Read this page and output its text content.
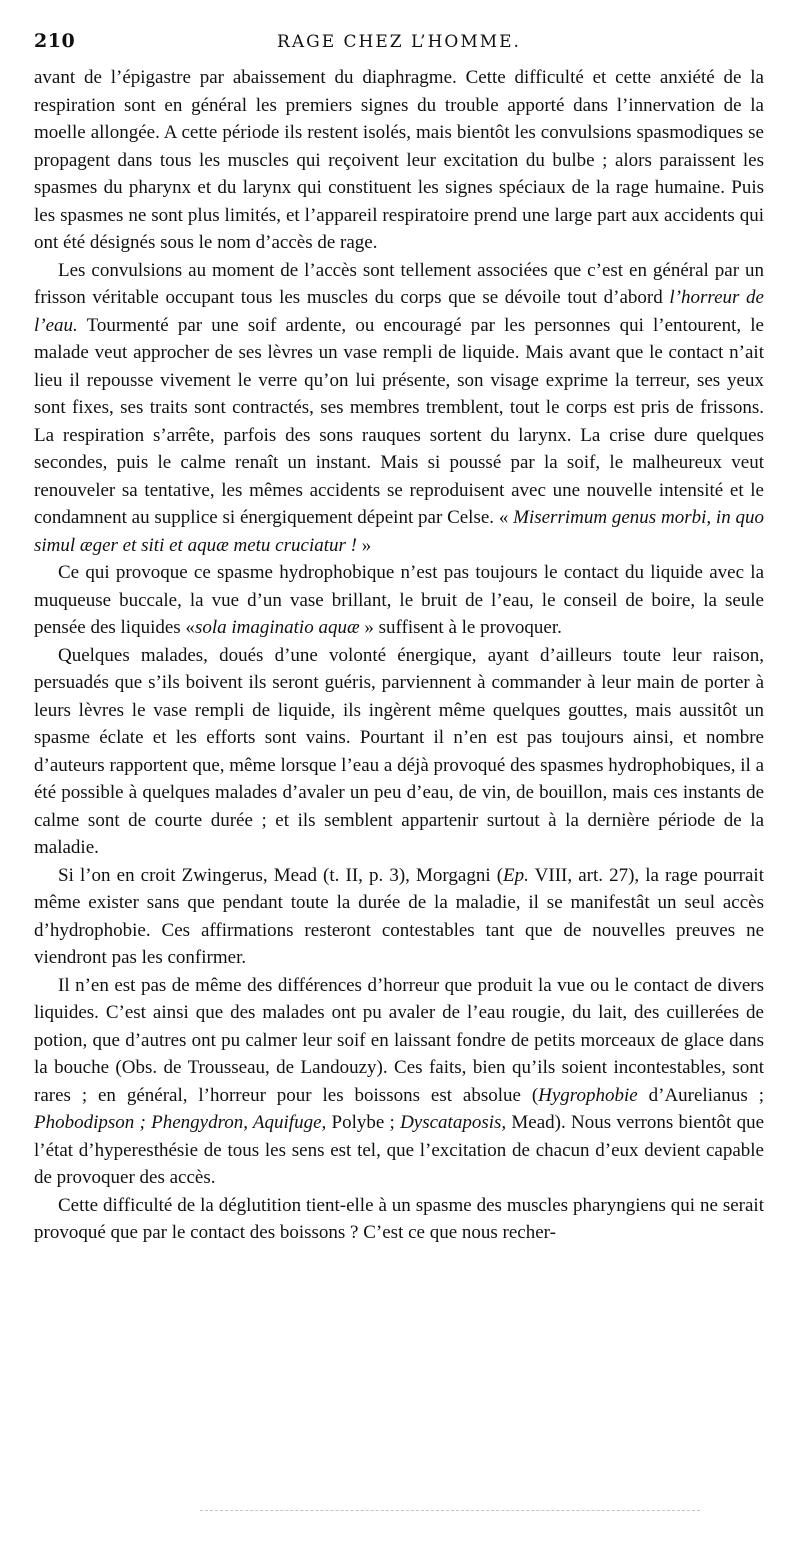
210	RAGE CHEZ L’HOMME.

avant de l’épigastre par abaissement du diaphragme. Cette difficulté et cette anxiété de la respiration sont en général les premiers signes du trouble apporté dans l’innervation de la moelle allongée. A cette période ils restent isolés, mais bientôt les convulsions spasmodiques se propagent dans tous les muscles qui reçoivent leur excitation du bulbe ; alors paraissent les spasmes du pharynx et du larynx qui constituent les signes spéciaux de la rage humaine. Puis les spasmes ne sont plus limités, et l’appareil respiratoire prend une large part aux accidents qui ont été désignés sous le nom d’accès de rage.

Les convulsions au moment de l’accès sont tellement associées que c’est en général par un frisson véritable occupant tous les muscles du corps que se dévoile tout d’abord l’horreur de l’eau. Tourmenté par une soif ardente, ou encouragé par les personnes qui l’entourent, le malade veut approcher de ses lèvres un vase rempli de liquide. Mais avant que le contact n’ait lieu il repousse vivement le verre qu’on lui présente, son visage exprime la terreur, ses yeux sont fixes, ses traits sont contractés, ses membres tremblent, tout le corps est pris de frissons. La respiration s’arrête, parfois des sons rauques sortent du larynx. La crise dure quelques secondes, puis le calme renaît un instant. Mais si poussé par la soif, le malheureux veut renouveler sa tentative, les mêmes accidents se reproduisent avec une nouvelle intensité et le condamnent au supplice si énergiquement dépeint par Celse. « Miserrimum genus morbi, in quo simul æger et siti et aquæ metu cruciatur ! »

Ce qui provoque ce spasme hydrophobique n’est pas toujours le contact du liquide avec la muqueuse buccale, la vue d’un vase brillant, le bruit de l’eau, le conseil de boire, la seule pensée des liquides «sola imaginatio aquæ » suffisent à le provoquer.

Quelques malades, doués d’une volonté énergique, ayant d’ailleurs toute leur raison, persuadés que s’ils boivent ils seront guéris, parviennent à commander à leur main de porter à leurs lèvres le vase rempli de liquide, ils ingèrent même quelques gouttes, mais aussitôt un spasme éclate et les efforts sont vains. Pourtant il n’en est pas toujours ainsi, et nombre d’auteurs rapportent que, même lorsque l’eau a déjà provoqué des spasmes hydrophobiques, il a été possible à quelques malades d’avaler un peu d’eau, de vin, de bouillon, mais ces instants de calme sont de courte durée ; et ils semblent appartenir surtout à la dernière période de la maladie.

Si l’on en croit Zwingerus, Mead (t. II, p. 3), Morgagni (Ep. VIII, art. 27), la rage pourrait même exister sans que pendant toute la durée de la maladie, il se manifestât un seul accès d’hydrophobie. Ces affirmations resteront contestables tant que de nouvelles preuves ne viendront pas les confirmer.

Il n’en est pas de même des différences d’horreur que produit la vue ou le contact de divers liquides. C’est ainsi que des malades ont pu avaler de l’eau rougie, du lait, des cuillerées de potion, que d’autres ont pu calmer leur soif en laissant fondre de petits morceaux de glace dans la bouche (Obs. de Trousseau, de Landouzy). Ces faits, bien qu’ils soient incontestables, sont rares ; en général, l’horreur pour les boissons est absolue (Hygrophobie d’Aurelianus ; Phobodipson ; Phengydron, Aquifuge, Polybe ; Dyscataposis, Mead). Nous verrons bientôt que l’état d’hyperesthésie de tous les sens est tel, que l’excitation de chacun d’eux devient capable de provoquer des accès.

Cette difficulté de la déglutition tient-elle à un spasme des muscles pharyngiens qui ne serait provoqué que par le contact des boissons ? C’est ce que nous recher-
